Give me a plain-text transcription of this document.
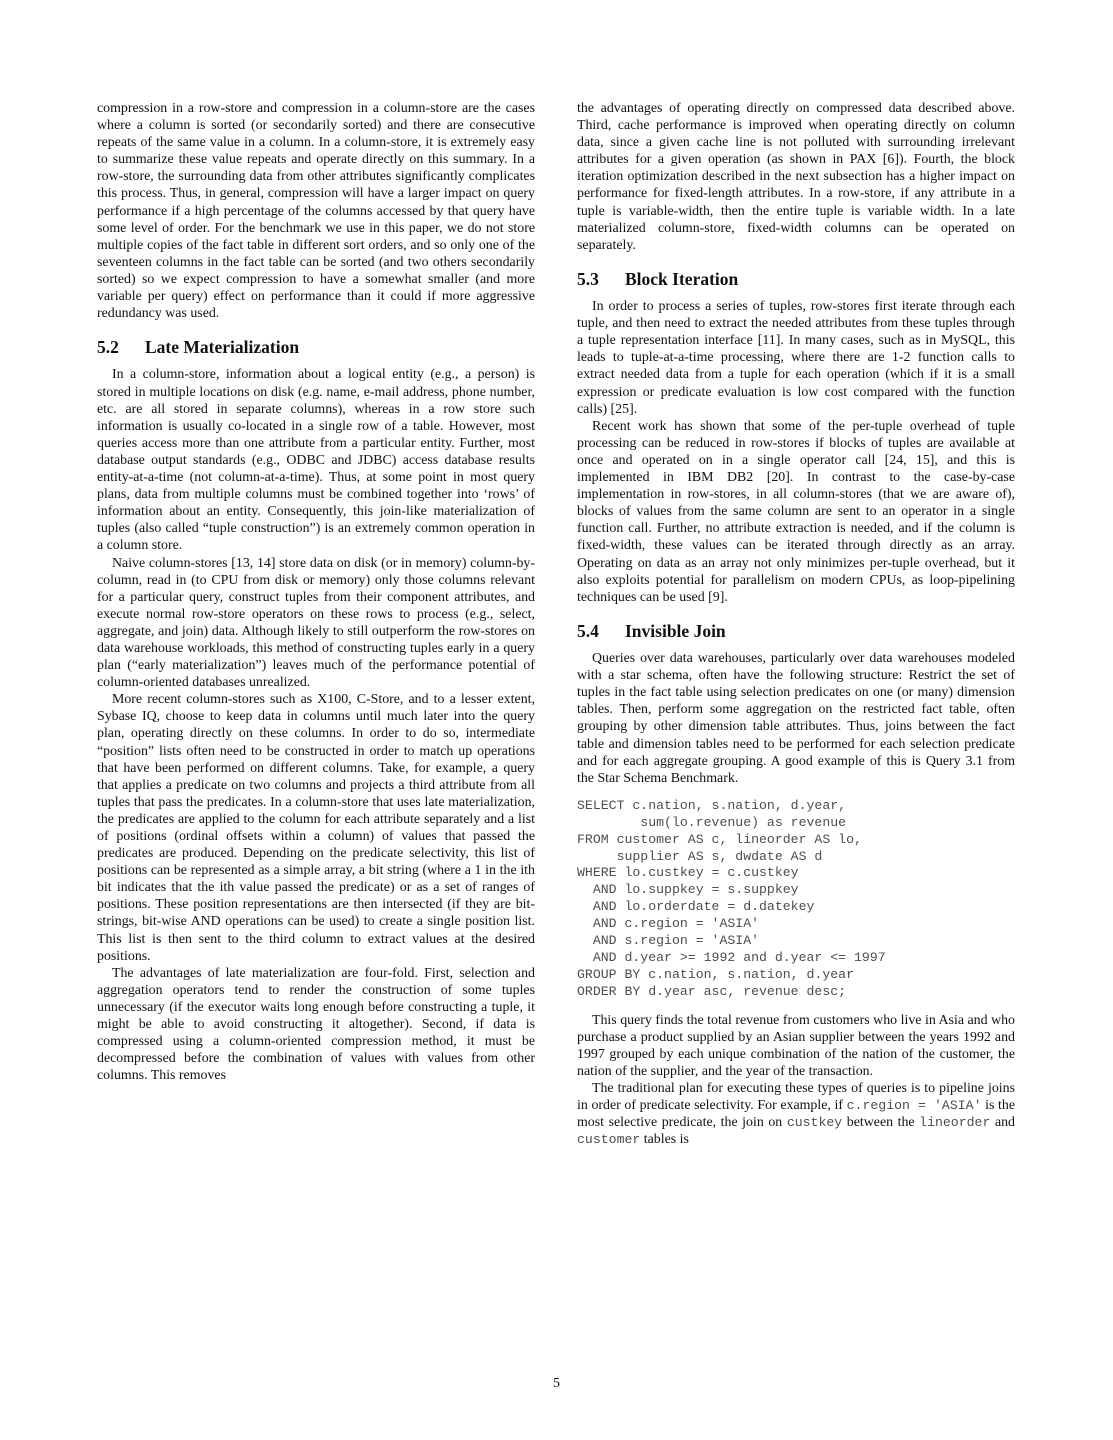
compression in a row-store and compression in a column-store are the cases where a column is sorted (or secondarily sorted) and there are consecutive repeats of the same value in a column. In a column-store, it is extremely easy to summarize these value repeats and operate directly on this summary. In a row-store, the surrounding data from other attributes significantly complicates this process. Thus, in general, compression will have a larger impact on query performance if a high percentage of the columns accessed by that query have some level of order. For the benchmark we use in this paper, we do not store multiple copies of the fact table in different sort orders, and so only one of the seventeen columns in the fact table can be sorted (and two others secondarily sorted) so we expect compression to have a somewhat smaller (and more variable per query) effect on performance than it could if more aggressive redundancy was used.

5.2	Late Materialization

In a column-store, information about a logical entity (e.g., a person) is stored in multiple locations on disk (e.g. name, e-mail address, phone number, etc. are all stored in separate columns), whereas in a row store such information is usually co-located in a single row of a table. However, most queries access more than one attribute from a particular entity. Further, most database output standards (e.g., ODBC and JDBC) access database results entity-at-a-time (not column-at-a-time). Thus, at some point in most query plans, data from multiple columns must be combined together into ‘rows’ of information about an entity. Consequently, this join-like materialization of tuples (also called “tuple construction”) is an extremely common operation in a column store.

Naive column-stores [13, 14] store data on disk (or in memory) column-by-column, read in (to CPU from disk or memory) only those columns relevant for a particular query, construct tuples from their component attributes, and execute normal row-store operators on these rows to process (e.g., select, aggregate, and join) data. Although likely to still outperform the row-stores on data warehouse workloads, this method of constructing tuples early in a query plan (“early materialization”) leaves much of the performance potential of column-oriented databases unrealized.

More recent column-stores such as X100, C-Store, and to a lesser extent, Sybase IQ, choose to keep data in columns until much later into the query plan, operating directly on these columns. In order to do so, intermediate “position” lists often need to be constructed in order to match up operations that have been performed on different columns. Take, for example, a query that applies a predicate on two columns and projects a third attribute from all tuples that pass the predicates. In a column-store that uses late materialization, the predicates are applied to the column for each attribute separately and a list of positions (ordinal offsets within a column) of values that passed the predicates are produced. Depending on the predicate selectivity, this list of positions can be represented as a simple array, a bit string (where a 1 in the ith bit indicates that the ith value passed the predicate) or as a set of ranges of positions. These position representations are then intersected (if they are bit-strings, bit-wise AND operations can be used) to create a single position list. This list is then sent to the third column to extract values at the desired positions.

The advantages of late materialization are four-fold. First, selection and aggregation operators tend to render the construction of some tuples unnecessary (if the executor waits long enough before constructing a tuple, it might be able to avoid constructing it altogether). Second, if data is compressed using a column-oriented compression method, it must be decompressed before the combination of values with values from other columns. This removes

the advantages of operating directly on compressed data described above. Third, cache performance is improved when operating directly on column data, since a given cache line is not polluted with surrounding irrelevant attributes for a given operation (as shown in PAX [6]). Fourth, the block iteration optimization described in the next subsection has a higher impact on performance for fixed-length attributes. In a row-store, if any attribute in a tuple is variable-width, then the entire tuple is variable width. In a late materialized column-store, fixed-width columns can be operated on separately.

5.3	Block Iteration

In order to process a series of tuples, row-stores first iterate through each tuple, and then need to extract the needed attributes from these tuples through a tuple representation interface [11]. In many cases, such as in MySQL, this leads to tuple-at-a-time processing, where there are 1-2 function calls to extract needed data from a tuple for each operation (which if it is a small expression or predicate evaluation is low cost compared with the function calls) [25].

Recent work has shown that some of the per-tuple overhead of tuple processing can be reduced in row-stores if blocks of tuples are available at once and operated on in a single operator call [24, 15], and this is implemented in IBM DB2 [20]. In contrast to the case-by-case implementation in row-stores, in all column-stores (that we are aware of), blocks of values from the same column are sent to an operator in a single function call. Further, no attribute extraction is needed, and if the column is fixed-width, these values can be iterated through directly as an array. Operating on data as an array not only minimizes per-tuple overhead, but it also exploits potential for parallelism on modern CPUs, as loop-pipelining techniques can be used [9].

5.4	Invisible Join

Queries over data warehouses, particularly over data warehouses modeled with a star schema, often have the following structure: Restrict the set of tuples in the fact table using selection predicates on one (or many) dimension tables. Then, perform some aggregation on the restricted fact table, often grouping by other dimension table attributes. Thus, joins between the fact table and dimension tables need to be performed for each selection predicate and for each aggregate grouping. A good example of this is Query 3.1 from the Star Schema Benchmark.

SELECT c.nation, s.nation, d.year,
sum(lo.revenue) as revenue
FROM customer AS c, lineorder AS lo,
supplier AS s, dwdate AS d
WHERE lo.custkey = c.custkey
AND lo.suppkey = s.suppkey
AND lo.orderdate = d.datekey
AND c.region = 'ASIA'
AND s.region = 'ASIA'
AND d.year >= 1992 and d.year <= 1997
GROUP BY c.nation, s.nation, d.year
ORDER BY d.year asc, revenue desc;

This query finds the total revenue from customers who live in Asia and who purchase a product supplied by an Asian supplier between the years 1992 and 1997 grouped by each unique combination of the nation of the customer, the nation of the supplier, and the year of the transaction.

The traditional plan for executing these types of queries is to pipeline joins in order of predicate selectivity. For example, if c.region = 'ASIA' is the most selective predicate, the join on custkey between the lineorder and customer tables is

5
